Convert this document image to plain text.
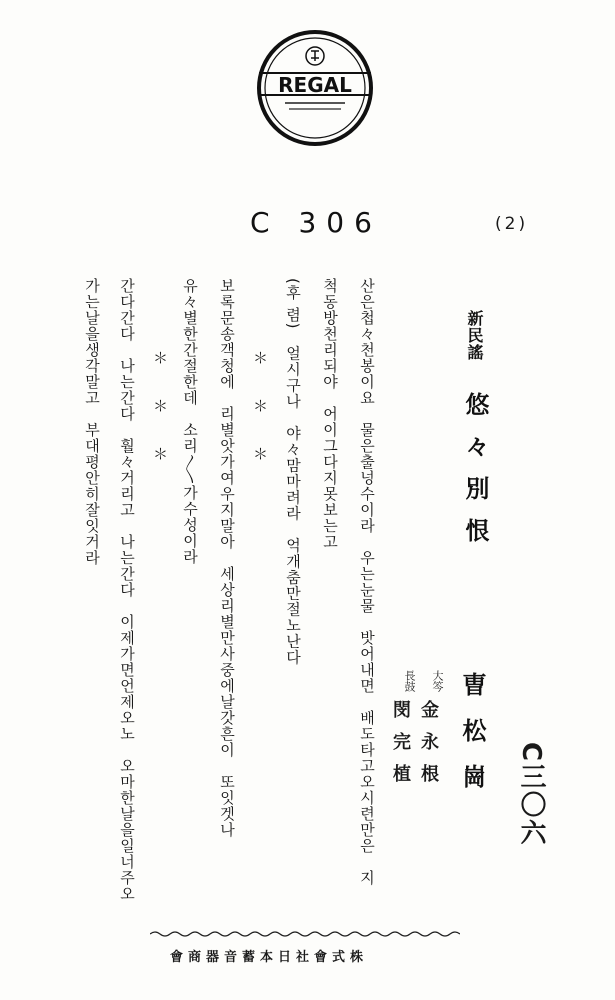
REGAL
C 306	(2)
新民謠
悠々別恨
曺松崗
大笒
金永根
長鼓
閔完植	C三〇六
산은첩々천봉이요　물은출넝수이라　우는눈물　밧어내면　배도타고오시련만은　지
척동방천리되야　어이그다지못보는고
(후 렴)　얼시구나　야々맘마려라　억개춤만절노난다
＊　　＊　　＊
보록문송객청에　리별앗가여우지말아　세상리별만사중에날갓흔이　또잇겟나
유々별한간절한데　소리〳〵가수성이라
＊　　＊　　＊
간다간다　나는간다　훨々거리고　나는간다　이제가면언제오노　오마한날을일너주오
가는날을생각말고　부대평안히잘잇거라
株式會社日本蓄音器商會
